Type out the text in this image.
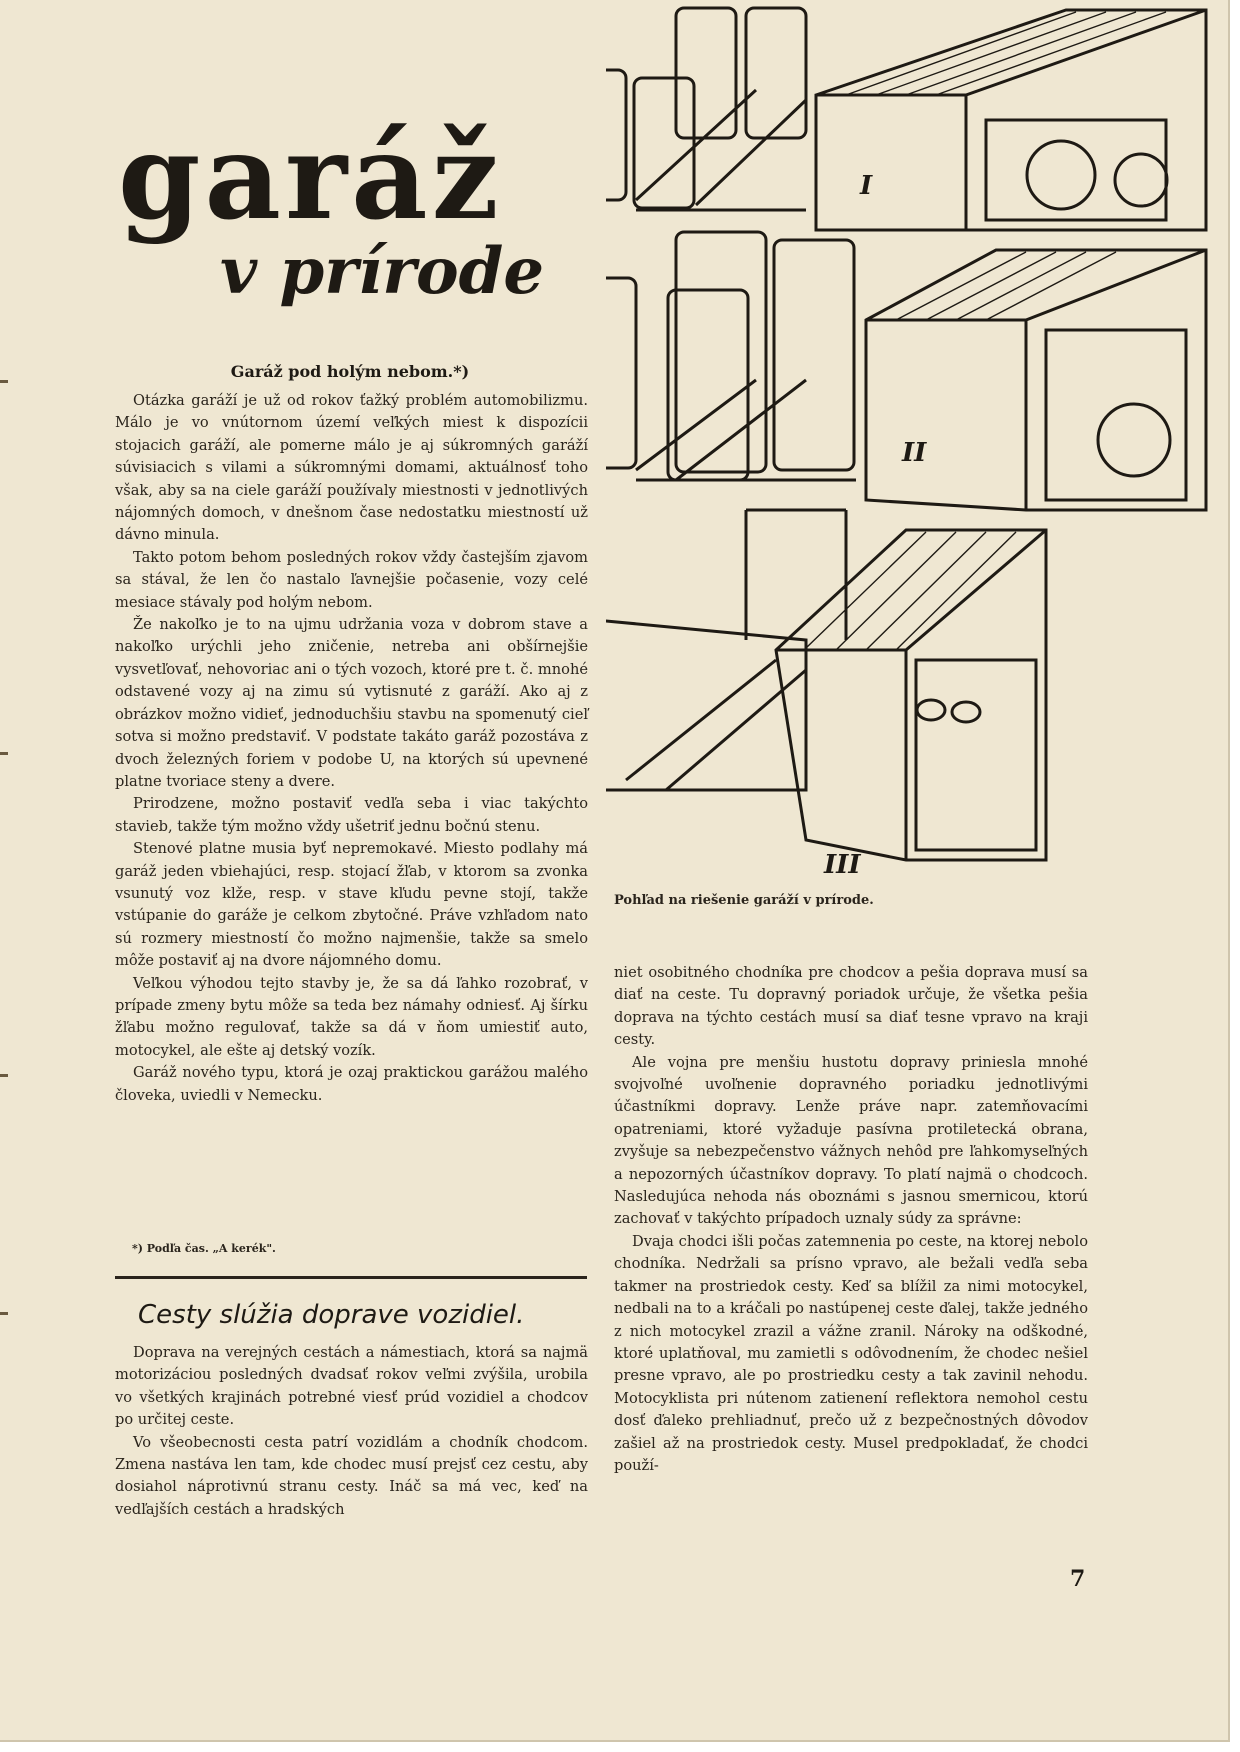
garáž
v prírode
Garáž pod holým nebom.*)

Otázka garáží je už od rokov ťažký problém automobilizmu. Málo je vo vnútornom území veľkých miest k dispozícii stojacich garáží, ale pomerne málo je aj súkromných garáží súvisiacich s vilami a súkromnými domami, aktuálnosť toho však, aby sa na ciele garáží používaly miestnosti v jednotlivých nájomných domoch, v dnešnom čase nedostatku miestností už dávno minula.

Takto potom behom posledných rokov vždy častejším zjavom sa stával, že len čo nastalo ľavnejšie počasenie, vozy celé mesiace stávaly pod holým nebom.

Že nakoľko je to na ujmu udržania voza v dobrom stave a nakoľko urýchli jeho zničenie, netreba ani obšírnejšie vysvetľovať, nehovoriac ani o tých vozoch, ktoré pre t. č. mnohé odstavené vozy aj na zimu sú vytisnuté z garáží. Ako aj z obrázkov možno vidieť, jednoduchšiu stavbu na spomenutý cieľ sotva si možno predstaviť. V podstate takáto garáž pozostáva z dvoch železných foriem v podobe U, na ktorých sú upevnené platne tvoriace steny a dvere.

Prirodzene, možno postaviť vedľa seba i viac takýchto stavieb, takže tým možno vždy ušetriť jednu bočnú stenu.

Stenové platne musia byť nepremokavé. Miesto podlahy má garáž jeden vbiehajúci, resp. stojací žľab, v ktorom sa zvonka vsunutý voz klže, resp. v stave kľudu pevne stojí, takže vstúpanie do garáže je celkom zbytočné. Práve vzhľadom nato sú rozmery miestností čo možno najmenšie, takže sa smelo môže postaviť aj na dvore nájomného domu.

Veľkou výhodou tejto stavby je, že sa dá ľahko rozobrať, v prípade zmeny bytu môže sa teda bez námahy odniesť. Aj šírku žľabu možno regulovať, takže sa dá v ňom umiestiť auto, motocykel, ale ešte aj detský vozík.

Garáž nového typu, ktorá je ozaj praktickou garážou malého človeka, uviedli v Nemecku.

*) Podľa čas. „A kerék".
Cesty slúžia doprave vozidiel.

Doprava na verejných cestách a námestiach, ktorá sa najmä motorizáciou posledných dvadsať rokov veľmi zvýšila, urobila vo všetkých krajinách potrebné viesť prúd vozidiel a chodcov po určitej ceste.

Vo všeobecnosti cesta patrí vozidlám a chodník chodcom. Zmena nastáva len tam, kde chodec musí prejsť cez cestu, aby dosiahol náprotivnú stranu cesty. Ináč sa má vec, keď na vedľajších cestách a hradských

I
II
III
Pohľad na riešenie garáží v prírode.

niet osobitného chodníka pre chodcov a pešia doprava musí sa diať na ceste. Tu dopravný poriadok určuje, že všetka pešia doprava na týchto cestách musí sa diať tesne vpravo na kraji cesty.

Ale vojna pre menšiu hustotu dopravy priniesla mnohé svojvoľné uvoľnenie dopravného poriadku jednotlivými účastníkmi dopravy. Lenže práve napr. zatemňovacími opatreniami, ktoré vyžaduje pasívna protiletecká obrana, zvyšuje sa nebezpečenstvo vážnych nehôd pre ľahkomyseľných a nepozorných účastníkov dopravy. To platí najmä o chodcoch. Nasledujúca nehoda nás oboznámi s jasnou smernicou, ktorú zachovať v takýchto prípadoch uznaly súdy za správne:

Dvaja chodci išli počas zatemnenia po ceste, na ktorej nebolo chodníka. Nedržali sa prísno vpravo, ale bežali vedľa seba takmer na prostriedok cesty. Keď sa blížil za nimi motocykel, nedbali na to a kráčali po nastúpenej ceste ďalej, takže jedného z nich motocykel zrazil a vážne zranil. Nároky na odškodné, ktoré uplatňoval, mu zamietli s odôvodnením, že chodec nešiel presne vpravo, ale po prostriedku cesty a tak zavinil nehodu. Motocyklista pri nútenom zatienení reflektora nemohol cestu dosť ďaleko prehliadnuť, prečo už z bezpečnostných dôvodov zašiel až na prostriedok cesty. Musel predpokladať, že chodci použí-

7
